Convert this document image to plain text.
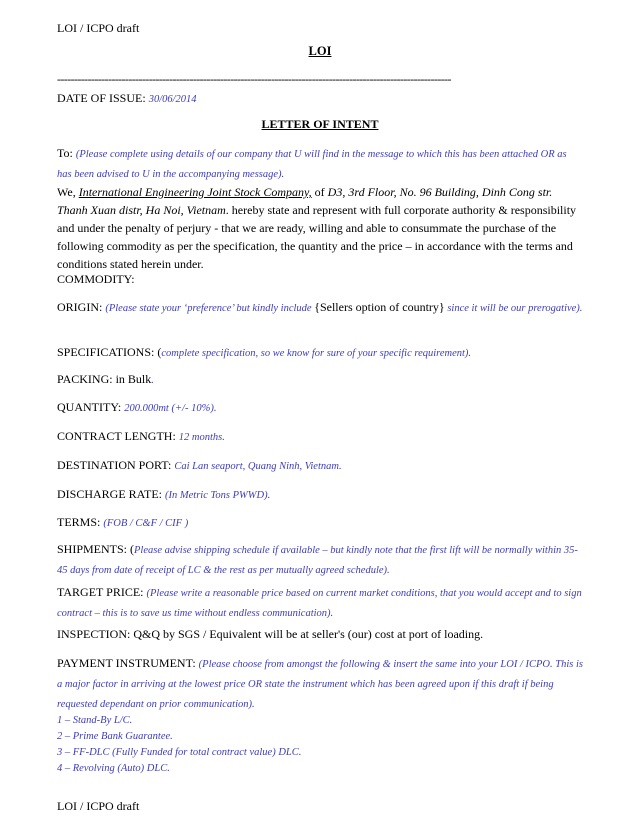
LOI / ICPO draft
LOI
--------------------------------------------------------------------------------------------------------------------
DATE OF ISSUE: 30/06/2014
LETTER OF INTENT
To: (Please complete using details of our company that U will find in the message to which this has been attached OR as has been advised to U in the accompanying message).
We, International Engineering Joint Stock Company, of D3, 3rd Floor, No. 96 Building, Dinh Cong str. Thanh Xuan distr, Ha Noi, Vietnam. hereby state and represent with full corporate authority & responsibility and under the penalty of perjury - that we are ready, willing and able to consummate the purchase of the following commodity as per the specification, the quantity and the price – in accordance with the terms and conditions stated herein under.
COMMODITY:
ORIGIN: (Please state your ‘preference’ but kindly include {Sellers option of country} since it will be our prerogative).
SPECIFICATIONS: (complete specification, so we know for sure of your specific requirement).
PACKING: in Bulk.
QUANTITY: 200.000mt (+/- 10%).
CONTRACT LENGTH: 12 months.
DESTINATION PORT: Cai Lan seaport, Quang Ninh, Vietnam.
DISCHARGE RATE: (In Metric Tons PWWD).
TERMS: (FOB / C&F / CIF )
SHIPMENTS: (Please advise shipping schedule if available – but kindly note that the first lift will be normally within 35-45 days from date of receipt of LC & the rest as per mutually agreed schedule).
TARGET PRICE: (Please write a reasonable price based on current market conditions, that you would accept and to sign contract – this is to save us time without endless communication).
INSPECTION: Q&Q by SGS / Equivalent will be at seller's (our) cost at port of loading.
PAYMENT INSTRUMENT: (Please choose from amongst the following & insert the same into your LOI / ICPO. This is a major factor in arriving at the lowest price OR state the instrument which has been agreed upon if this draft if being requested dependant on prior communication).
1 – Stand-By L/C.
2 – Prime Bank Guarantee.
3 – FF-DLC (Fully Funded for total contract value) DLC.
4 – Revolving (Auto) DLC.
LOI / ICPO draft
